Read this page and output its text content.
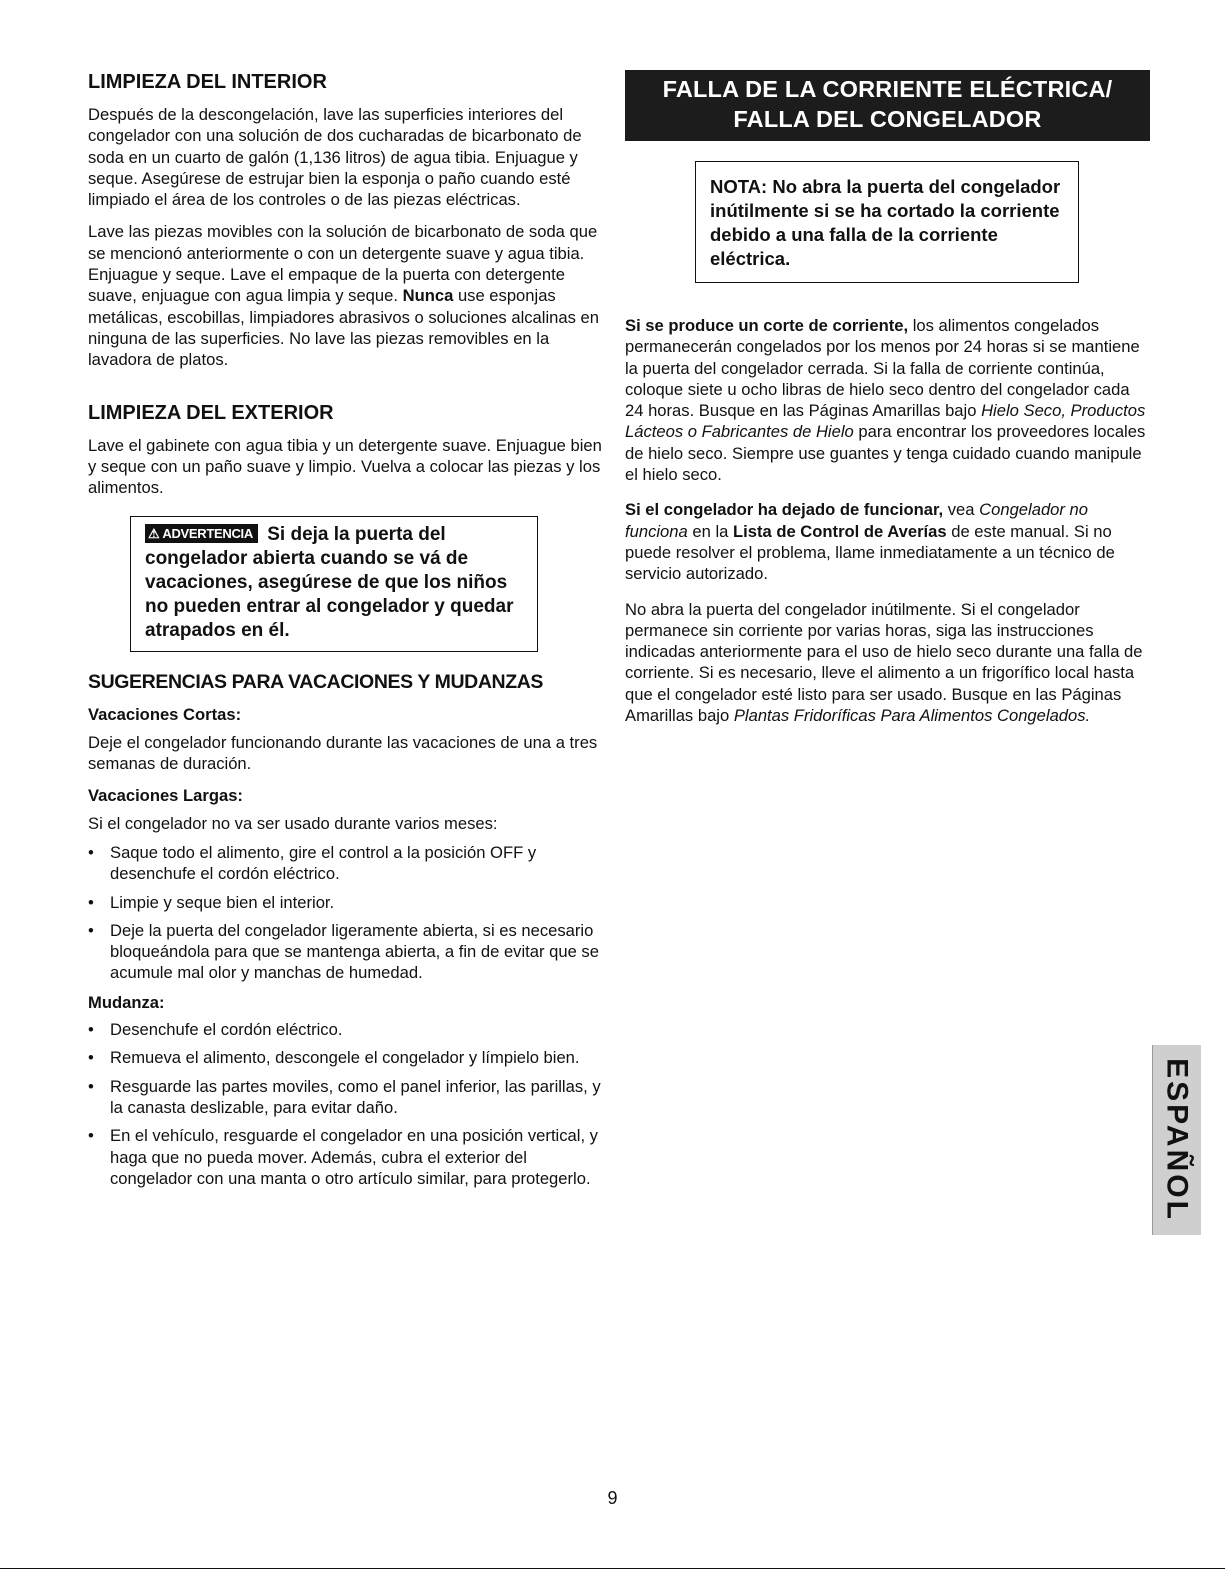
LIMPIEZA DEL INTERIOR

Después de la descongelación, lave las superficies interiores del congelador con una solución de dos cucharadas de bicarbonato de soda en un cuarto de galón (1,136 litros) de agua tibia. Enjuague y seque. Asegúrese de estrujar bien la esponja o paño cuando esté limpiado el área de los controles o de las piezas eléctricas.

Lave las piezas movibles con la solución de bicarbonato de soda que se mencionó anteriormente o con un detergente suave y agua tibia. Enjuague y seque. Lave el empaque de la puerta con detergente suave, enjuague con agua limpia y seque. Nunca use esponjas metálicas, escobillas, limpiadores abrasivos o soluciones alcalinas en ninguna de las superficies. No lave las piezas removibles en la lavadora de platos.

LIMPIEZA DEL EXTERIOR

Lave el gabinete con agua tibia y un detergente suave. Enjuague bien y seque con un paño suave y limpio. Vuelva a colocar las piezas y los alimentos.

⚠ ADVERTENCIA Si deja la puerta del congelador abierta cuando se vá de vacaciones, asegúrese de que los niños no pueden entrar al congelador y quedar atrapados en él.
SUGERENCIAS PARA VACACIONES Y MUDANZAS

Vacaciones Cortas:

Deje el congelador funcionando durante las vacaciones de una a tres semanas de duración.

Vacaciones Largas:

Si el congelador no va ser usado durante varios meses:

• Saque todo el alimento, gire el control a la posición OFF y desenchufe el cordón eléctrico.
• Limpie y seque bien el interior.
• Deje la puerta del congelador ligeramente abierta, si es necesario bloqueándola para que se mantenga abierta, a fin de evitar que se acumule mal olor y manchas de humedad.

Mudanza:

• Desenchufe el cordón eléctrico.
• Remueva el alimento, descongele el congelador y límpielo bien.
• Resguarde las partes moviles, como el panel inferior, las parillas, y la canasta deslizable, para evitar daño.
• En el vehículo, resguarde el congelador en una posición vertical, y haga que no pueda mover. Además, cubra el exterior del congelador con una manta o otro artículo similar, para protegerlo.
FALLA DE LA CORRIENTE ELÉCTRICA/
FALLA DEL CONGELADOR
NOTA: No abra la puerta del congelador inútilmente si se ha cortado la corriente debido a una falla de la corriente eléctrica.

Si se produce un corte de corriente, los alimentos congelados permanecerán congelados por los menos por 24 horas si se mantiene la puerta del congelador cerrada. Si la falla de corriente continúa, coloque siete u ocho libras de hielo seco dentro del congelador cada 24 horas. Busque en las Páginas Amarillas bajo Hielo Seco, Productos Lácteos o Fabricantes de Hielo para encontrar los proveedores locales de hielo seco. Siempre use guantes y tenga cuidado cuando manipule el hielo seco.

Si el congelador ha dejado de funcionar, vea Congelador no funciona en la Lista de Control de Averías de este manual. Si no puede resolver el problema, llame inmediatamente a un técnico de servicio autorizado.

No abra la puerta del congelador inútilmente. Si el congelador permanece sin corriente por varias horas, siga las instrucciones indicadas anteriormente para el uso de hielo seco durante una falla de corriente. Si es necesario, lleve el alimento a un frigorífico local hasta que el congelador esté listo para ser usado. Busque en las Páginas Amarillas bajo Plantas Fridoríficas Para Alimentos Congelados.

ESPAÑOL
9
